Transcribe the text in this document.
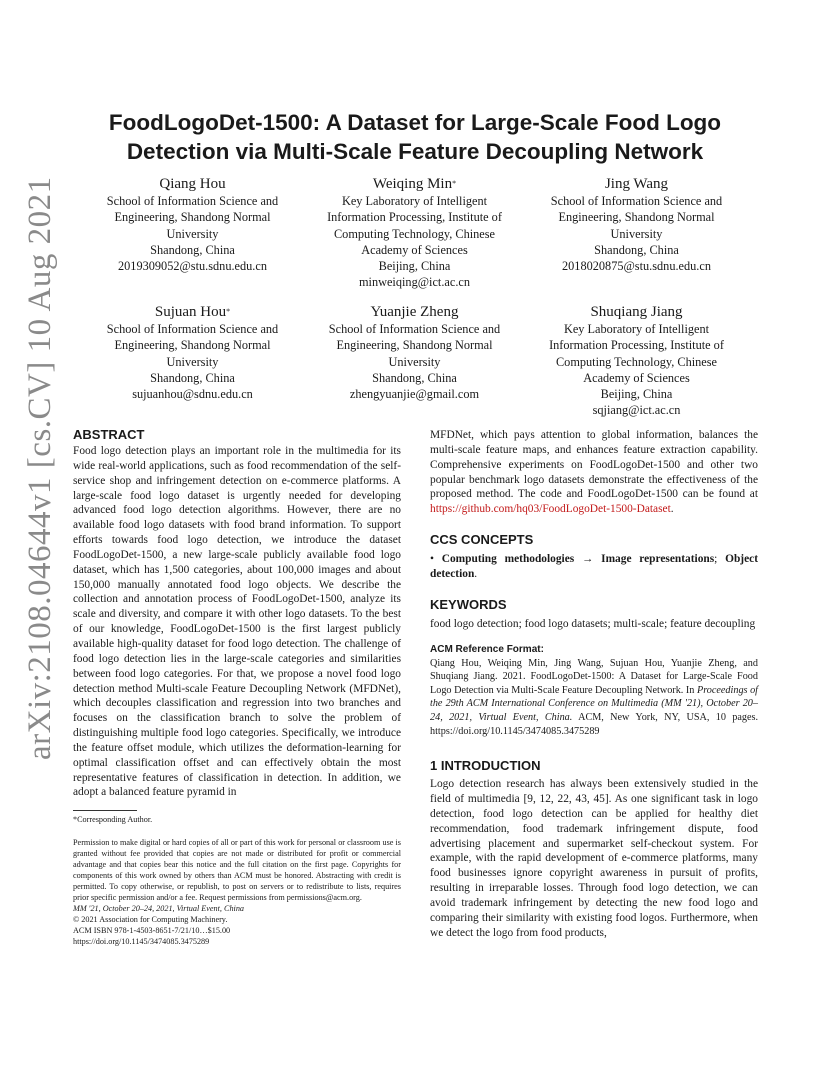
arXiv:2108.04644v1 [cs.CV] 10 Aug 2021
FoodLogoDet-1500: A Dataset for Large-Scale Food Logo
Detection via Multi-Scale Feature Decoupling Network
Qiang Hou
School of Information Science and
Engineering, Shandong Normal
University
Shandong, China
2019309052@stu.sdnu.edu.cn
Weiqing Min*
Key Laboratory of Intelligent
Information Processing, Institute of
Computing Technology, Chinese
Academy of Sciences
Beijing, China
minweiqing@ict.ac.cn
Jing Wang
School of Information Science and
Engineering, Shandong Normal
University
Shandong, China
2018020875@stu.sdnu.edu.cn
Sujuan Hou*
School of Information Science and
Engineering, Shandong Normal
University
Shandong, China
sujuanhou@sdnu.edu.cn
Yuanjie Zheng
School of Information Science and
Engineering, Shandong Normal
University
Shandong, China
zhengyuanjie@gmail.com
Shuqiang Jiang
Key Laboratory of Intelligent
Information Processing, Institute of
Computing Technology, Chinese
Academy of Sciences
Beijing, China
sqjiang@ict.ac.cn
ABSTRACT

Food logo detection plays an important role in the multimedia for its wide real-world applications, such as food recommendation of the self-service shop and infringement detection on e-commerce platforms. A large-scale food logo dataset is urgently needed for developing advanced food logo detection algorithms. However, there are no available food logo datasets with food brand information. To support efforts towards food logo detection, we introduce the dataset FoodLogoDet-1500, a new large-scale publicly available food logo dataset, which has 1,500 categories, about 100,000 images and about 150,000 manually annotated food logo objects. We describe the collection and annotation process of FoodLogoDet-1500, analyze its scale and diversity, and compare it with other logo datasets. To the best of our knowledge, FoodLogoDet-1500 is the first largest publicly available high-quality dataset for food logo detection. The challenge of food logo detection lies in the large-scale categories and similarities between food logo categories. For that, we propose a novel food logo detection method Multi-scale Feature Decoupling Network (MFDNet), which decouples classification and regression into two branches and focuses on the classification branch to solve the problem of distinguishing multiple food logo categories. Specifically, we introduce the feature offset module, which utilizes the deformation-learning for optimal classification offset and can effectively obtain the most representative features of classification in detection. In addition, we adopt a balanced feature pyramid in

*Corresponding Author.
Permission to make digital or hard copies of all or part of this work for personal or classroom use is granted without fee provided that copies are not made or distributed for profit or commercial advantage and that copies bear this notice and the full citation on the first page. Copyrights for components of this work owned by others than ACM must be honored. Abstracting with credit is permitted. To copy otherwise, or republish, to post on servers or to redistribute to lists, requires prior specific permission and/or a fee. Request permissions from permissions@acm.org.
MM '21, October 20–24, 2021, Virtual Event, China
© 2021 Association for Computing Machinery.
ACM ISBN 978-1-4503-8651-7/21/10…$15.00
https://doi.org/10.1145/3474085.3475289

MFDNet, which pays attention to global information, balances the multi-scale feature maps, and enhances feature extraction capability. Comprehensive experiments on FoodLogoDet-1500 and other two popular benchmark logo datasets demonstrate the effectiveness of the proposed method. The code and FoodLogoDet-1500 can be found at https://github.com/hq03/FoodLogoDet-1500-Dataset.

CCS CONCEPTS

• Computing methodologies → Image representations; Object detection.

KEYWORDS

food logo detection; food logo datasets; multi-scale; feature decoupling

ACM Reference Format:

Qiang Hou, Weiqing Min, Jing Wang, Sujuan Hou, Yuanjie Zheng, and Shuqiang Jiang. 2021. FoodLogoDet-1500: A Dataset for Large-Scale Food Logo Detection via Multi-Scale Feature Decoupling Network. In Proceedings of the 29th ACM International Conference on Multimedia (MM '21), October 20–24, 2021, Virtual Event, China. ACM, New York, NY, USA, 10 pages. https://doi.org/10.1145/3474085.3475289

1 INTRODUCTION

Logo detection research has always been extensively studied in the field of multimedia [9, 12, 22, 43, 45]. As one significant task in logo detection, food logo detection can be applied for healthy diet recommendation, food trademark infringement dispute, food advertising placement and supermarket self-checkout system. For example, with the rapid development of e-commerce platforms, many food businesses ignore copyright awareness in pursuit of profits, resulting in irreparable losses. Through food logo detection, we can avoid trademark infringement by detecting the new food logo and comparing their similarity with existing food logos. Furthermore, when we detect the logo from food products,
